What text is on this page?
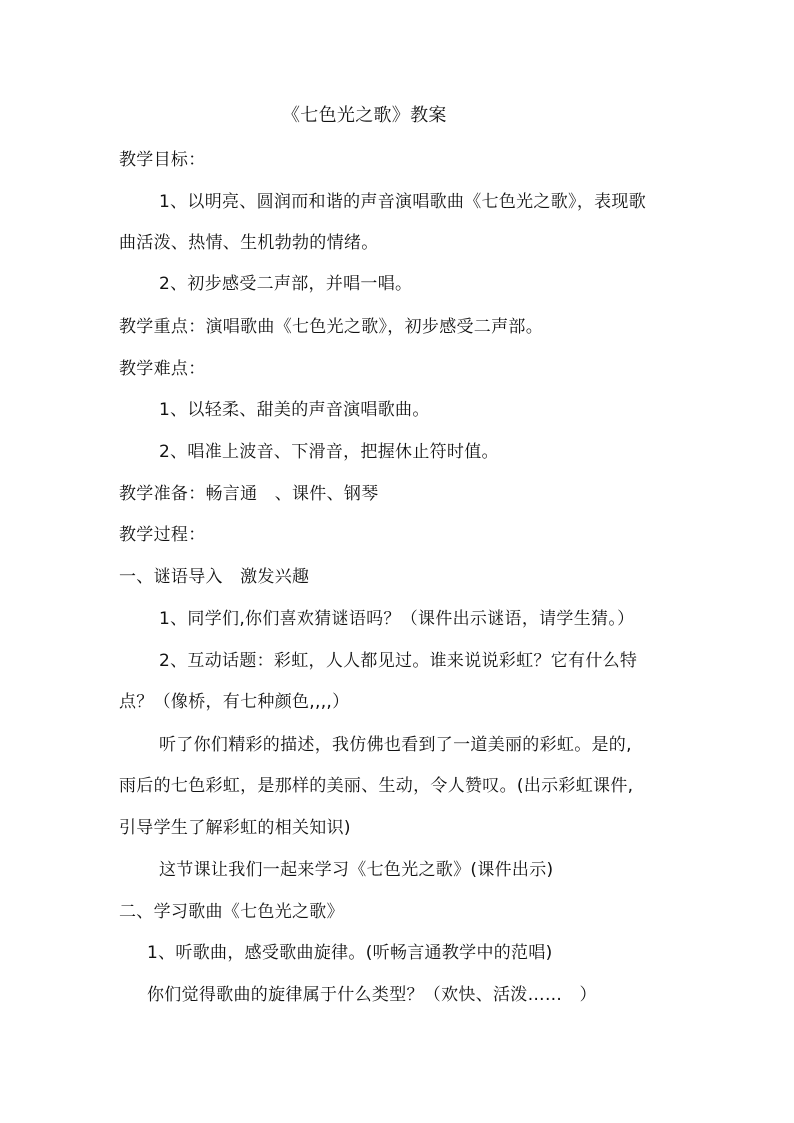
《七色光之歌》教案
教学目标：
1、以明亮、圆润而和谐的声音演唱歌曲《七色光之歌》，表现歌
曲活泼、热情、生机勃勃的情绪。
2、初步感受二声部，并唱一唱。
教学重点：演唱歌曲《七色光之歌》，初步感受二声部。
教学难点：
1、以轻柔、甜美的声音演唱歌曲。
2、唱准上波音、下滑音，把握休止符时值。
教学准备：畅言通　、课件、钢琴
教学过程：
一、谜语导入　激发兴趣
1、同学们,你们喜欢猜谜语吗？（课件出示谜语，请学生猜。）
2、互动话题：彩虹，人人都见过。谁来说说彩虹？它有什么特
点？（像桥，有七种颜色,,,,）
听了你们精彩的描述，我仿佛也看到了一道美丽的彩虹。是的,
雨后的七色彩虹，是那样的美丽、生动，令人赞叹。(出示彩虹课件,
引导学生了解彩虹的相关知识)
这节课让我们一起来学习《七色光之歌》(课件出示)
二、学习歌曲《七色光之歌》
1、听歌曲，感受歌曲旋律。(听畅言通教学中的范唱)
你们觉得歌曲的旋律属于什么类型？（欢快、活泼……　）
